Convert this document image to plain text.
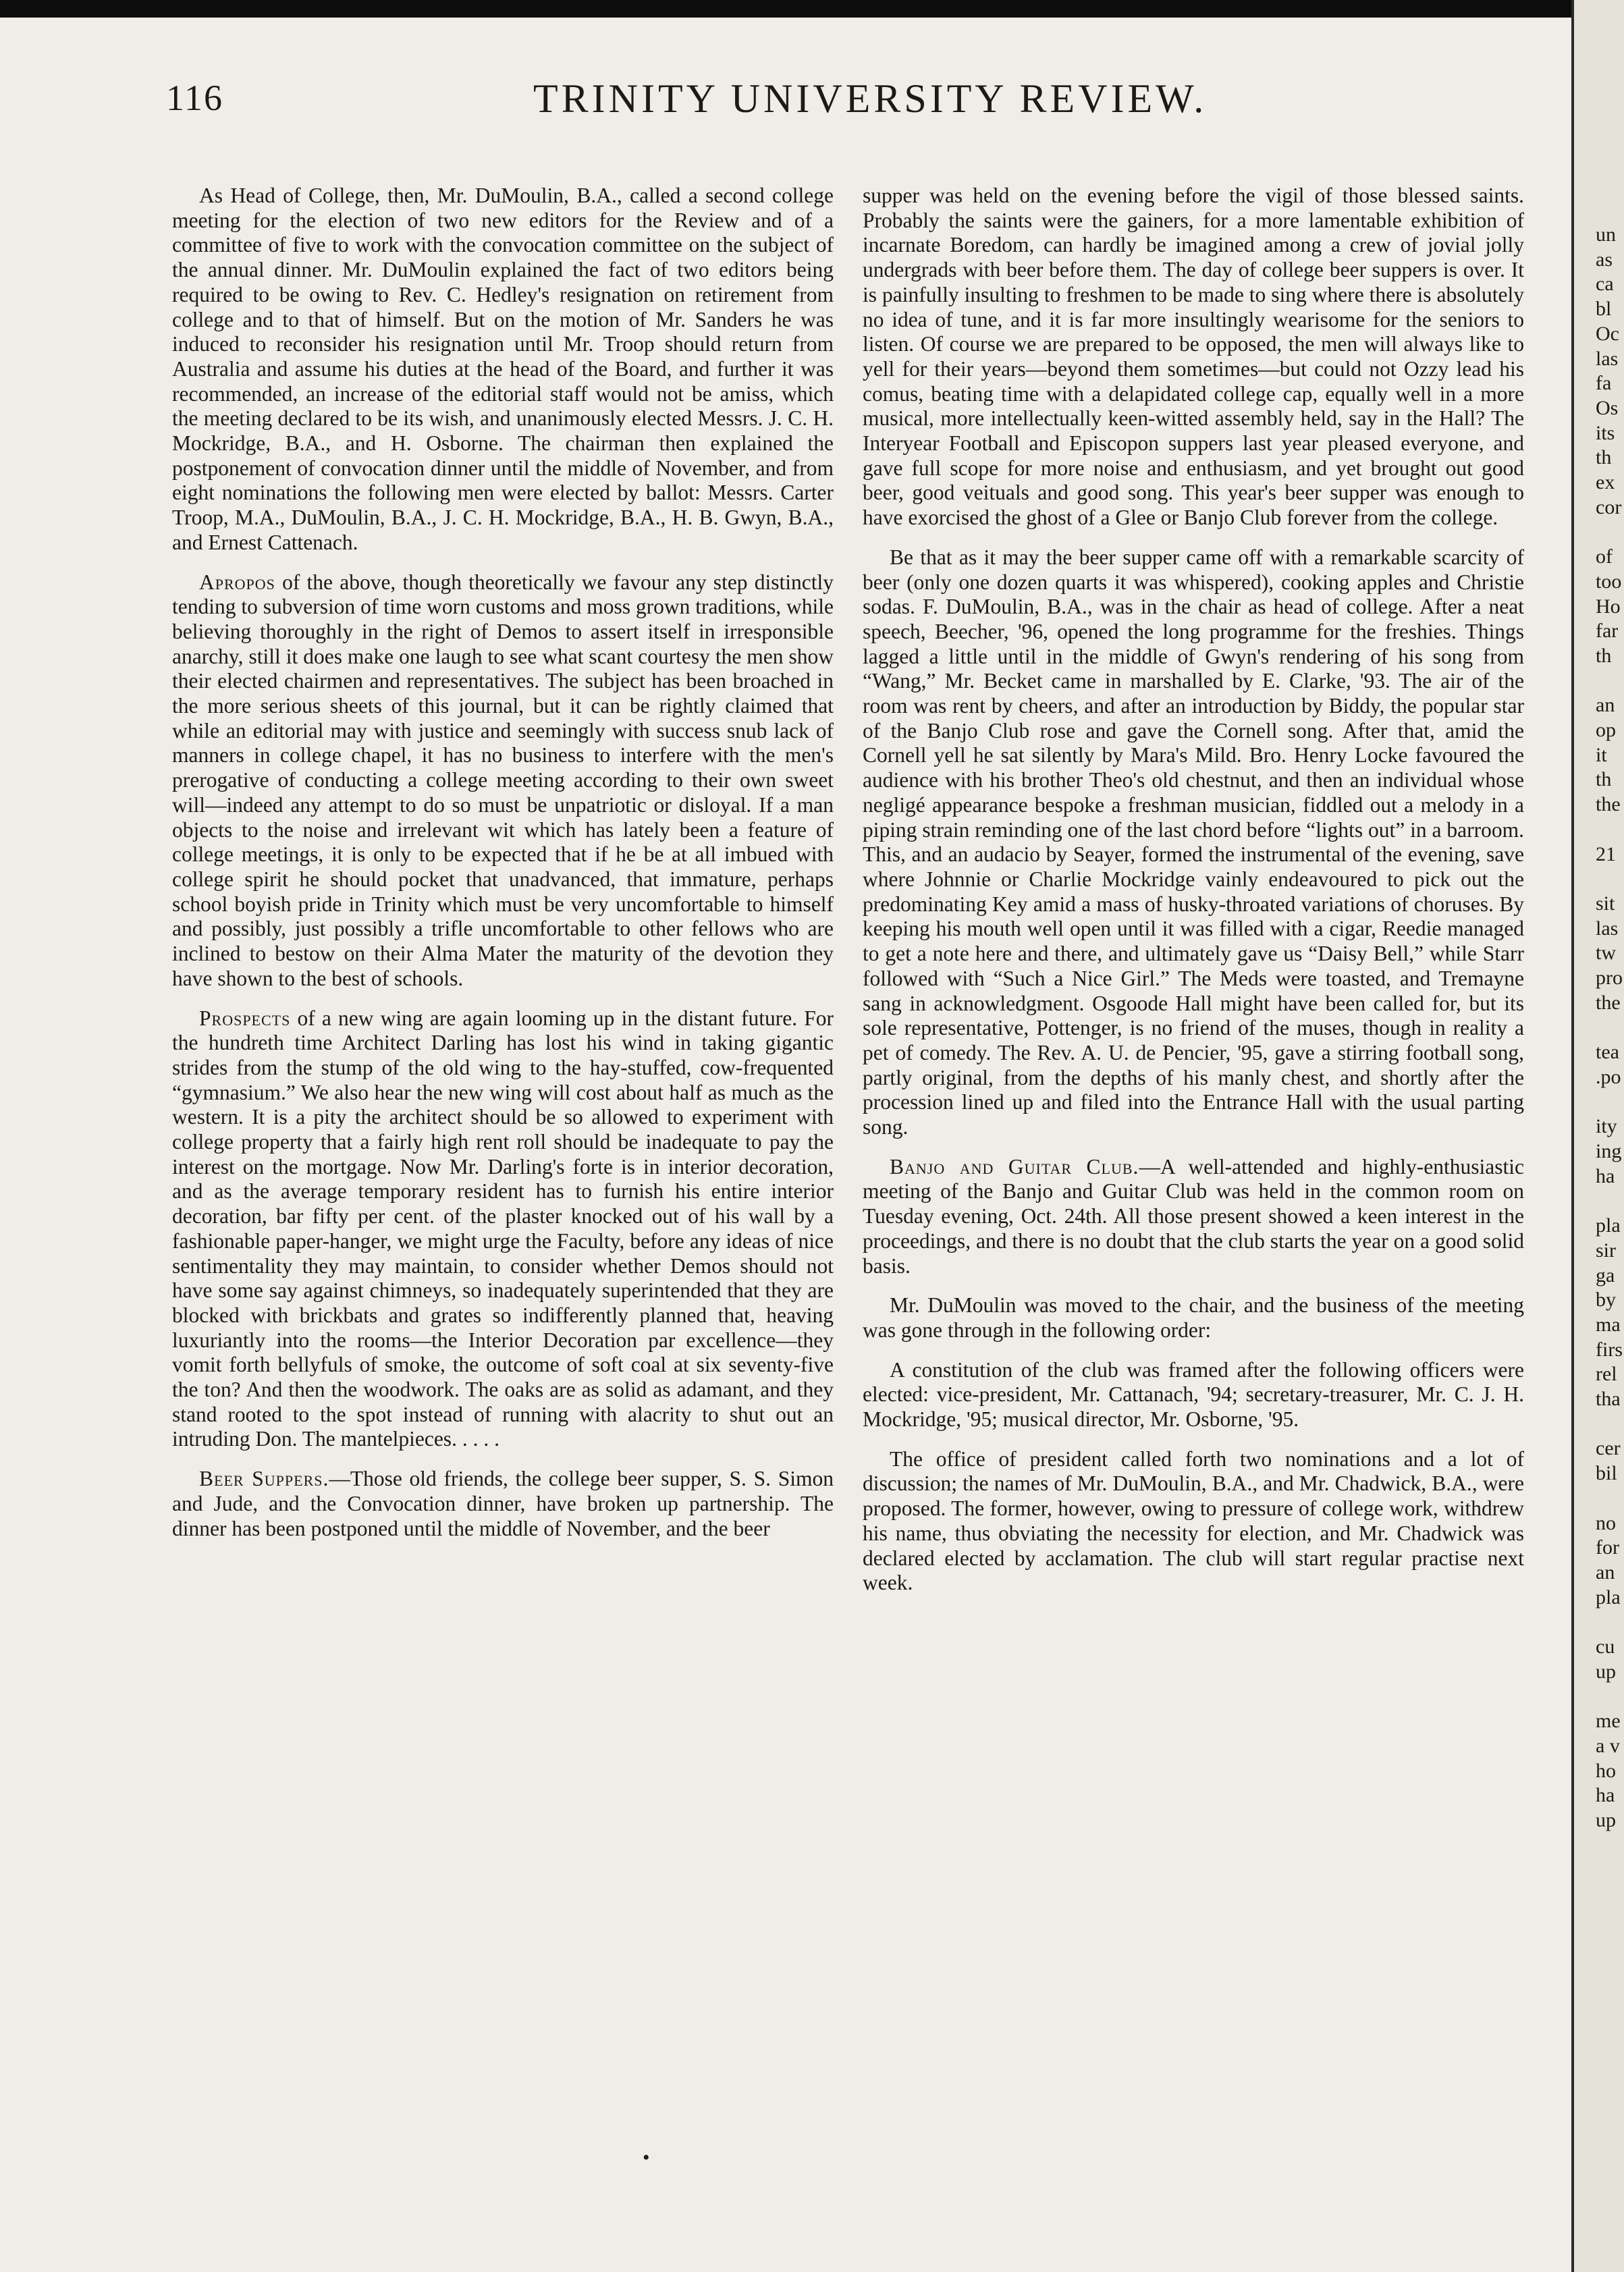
116	TRINITY UNIVERSITY REVIEW.

As Head of College, then, Mr. DuMoulin, B.A., called a second college meeting for the election of two new editors for the Review and of a committee of five to work with the convocation committee on the subject of the annual dinner. Mr. DuMoulin explained the fact of two editors being required to be owing to Rev. C. Hedley's resignation on retirement from college and to that of himself. But on the motion of Mr. Sanders he was induced to reconsider his resignation until Mr. Troop should return from Australia and assume his duties at the head of the Board, and further it was recommended, an increase of the editorial staff would not be amiss, which the meeting declared to be its wish, and unanimously elected Messrs. J. C. H. Mockridge, B.A., and H. Osborne. The chairman then explained the postponement of convocation dinner until the middle of November, and from eight nominations the following men were elected by ballot: Messrs. Carter Troop, M.A., DuMoulin, B.A., J. C. H. Mockridge, B.A., H. B. Gwyn, B.A., and Ernest Cattenach.

Apropos of the above, though theoretically we favour any step distinctly tending to subversion of time worn customs and moss grown traditions, while believing thoroughly in the right of Demos to assert itself in irresponsible anarchy, still it does make one laugh to see what scant courtesy the men show their elected chairmen and representatives. The subject has been broached in the more serious sheets of this journal, but it can be rightly claimed that while an editorial may with justice and seemingly with success snub lack of manners in college chapel, it has no business to interfere with the men's prerogative of conducting a college meeting according to their own sweet will—indeed any attempt to do so must be unpatriotic or disloyal. If a man objects to the noise and irrelevant wit which has lately been a feature of college meetings, it is only to be expected that if he be at all imbued with college spirit he should pocket that unadvanced, that immature, perhaps school boyish pride in Trinity which must be very uncomfortable to himself and possibly, just possibly a trifle uncomfortable to other fellows who are inclined to bestow on their Alma Mater the maturity of the devotion they have shown to the best of schools.

Prospects of a new wing are again looming up in the distant future. For the hundreth time Architect Darling has lost his wind in taking gigantic strides from the stump of the old wing to the hay-stuffed, cow-frequented “gymnasium.” We also hear the new wing will cost about half as much as the western. It is a pity the architect should be so allowed to experiment with college property that a fairly high rent roll should be inadequate to pay the interest on the mortgage. Now Mr. Darling's forte is in interior decoration, and as the average temporary resident has to furnish his entire interior decoration, bar fifty per cent. of the plaster knocked out of his wall by a fashionable paper-hanger, we might urge the Faculty, before any ideas of nice sentimentality they may maintain, to consider whether Demos should not have some say against chimneys, so inadequately superintended that they are blocked with brickbats and grates so indifferently planned that, heaving luxuriantly into the rooms—the Interior Decoration par excellence—they vomit forth bellyfuls of smoke, the outcome of soft coal at six seventy-five the ton? And then the woodwork. The oaks are as solid as adamant, and they stand rooted to the spot instead of running with alacrity to shut out an intruding Don. The mantelpieces. . . . .

Beer Suppers.—Those old friends, the college beer supper, S. S. Simon and Jude, and the Convocation dinner, have broken up partnership. The dinner has been postponed until the middle of November, and the beer

supper was held on the evening before the vigil of those blessed saints. Probably the saints were the gainers, for a more lamentable exhibition of incarnate Boredom, can hardly be imagined among a crew of jovial jolly undergrads with beer before them. The day of college beer suppers is over. It is painfully insulting to freshmen to be made to sing where there is absolutely no idea of tune, and it is far more insultingly wearisome for the seniors to listen. Of course we are prepared to be opposed, the men will always like to yell for their years—beyond them sometimes—but could not Ozzy lead his comus, beating time with a delapidated college cap, equally well in a more musical, more intellectually keen-witted assembly held, say in the Hall? The Interyear Football and Episcopon suppers last year pleased everyone, and gave full scope for more noise and enthusiasm, and yet brought out good beer, good veituals and good song. This year's beer supper was enough to have exorcised the ghost of a Glee or Banjo Club forever from the college.

Be that as it may the beer supper came off with a remarkable scarcity of beer (only one dozen quarts it was whispered), cooking apples and Christie sodas. F. DuMoulin, B.A., was in the chair as head of college. After a neat speech, Beecher, '96, opened the long programme for the freshies. Things lagged a little until in the middle of Gwyn's rendering of his song from “Wang,” Mr. Becket came in marshalled by E. Clarke, '93. The air of the room was rent by cheers, and after an introduction by Biddy, the popular star of the Banjo Club rose and gave the Cornell song. After that, amid the Cornell yell he sat silently by Mara's Mild. Bro. Henry Locke favoured the audience with his brother Theo's old chestnut, and then an individual whose negligé appearance bespoke a freshman musician, fiddled out a melody in a piping strain reminding one of the last chord before “lights out” in a barroom. This, and an audacio by Seayer, formed the instrumental of the evening, save where Johnnie or Charlie Mockridge vainly endeavoured to pick out the predominating Key amid a mass of husky-throated variations of choruses. By keeping his mouth well open until it was filled with a cigar, Reedie managed to get a note here and there, and ultimately gave us “Daisy Bell,” while Starr followed with “Such a Nice Girl.” The Meds were toasted, and Tremayne sang in acknowledgment. Osgoode Hall might have been called for, but its sole representative, Pottenger, is no friend of the muses, though in reality a pet of comedy. The Rev. A. U. de Pencier, '95, gave a stirring football song, partly original, from the depths of his manly chest, and shortly after the procession lined up and filed into the Entrance Hall with the usual parting song.

Banjo and Guitar Club.—A well-attended and highly-enthusiastic meeting of the Banjo and Guitar Club was held in the common room on Tuesday evening, Oct. 24th. All those present showed a keen interest in the proceedings, and there is no doubt that the club starts the year on a good solid basis.

Mr. DuMoulin was moved to the chair, and the business of the meeting was gone through in the following order:

A constitution of the club was framed after the following officers were elected: vice-president, Mr. Cattanach, '94; secretary-treasurer, Mr. C. J. H. Mockridge, '95; musical director, Mr. Osborne, '95.

The office of president called forth two nominations and a lot of discussion; the names of Mr. DuMoulin, B.A., and Mr. Chadwick, B.A., were proposed. The former, however, owing to pressure of college work, withdrew his name, thus obviating the necessity for election, and Mr. Chadwick was declared elected by acclamation. The club will start regular practise next week.

un
as
ca
bl
Oc
las
fa
Os
its
th
ex
cor

of
too
Ho
far
th

an
op
it
th
the

21

sit
las
tw
pro
the

tea
.po

ity
ing
ha

pla
sir
ga
by
ma
firs
rel
tha

cer
bil

no
for
an
pla

cu
up

me
a v
ho
ha
up
•
